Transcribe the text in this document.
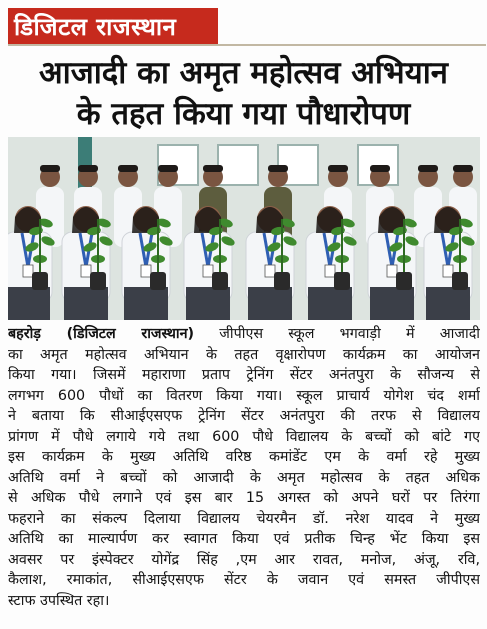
डिजिटल राजस्थान
आजादी का अमृत महोत्सव अभियान
के तहत किया गया पौधारोपण
बहरोड़ (डिजिटल राजस्थान) जीपीएस स्कूल भगवाड़ी में आजादी
का अमृत महोत्सव अभियान के तहत वृक्षारोपण कार्यक्रम का आयोजन
किया गया। जिसमें महाराणा प्रताप ट्रेनिंग सेंटर अनंतपुरा के सौजन्य से
लगभग 600 पौधों का वितरण किया गया। स्कूल प्राचार्य योगेश चंद शर्मा
ने बताया कि सीआईएसएफ ट्रेनिंग सेंटर अनंतपुरा की तरफ से विद्यालय
प्रांगण में पौधे लगाये गये तथा 600 पौधे विद्यालय के बच्चों को बांटे गए
इस कार्यक्रम के मुख्य अतिथि वरिष्ठ कमांडेंट एम के वर्मा रहे मुख्य
अतिथि वर्मा ने बच्चों को आजादी के अमृत महोत्सव के तहत अधिक
से अधिक पौधे लगाने एवं इस बार 15 अगस्त को अपने घरों पर तिरंगा
फहराने का संकल्प दिलाया विद्यालय चेयरमैन डॉ. नरेश यादव ने मुख्य
अतिथि का माल्यार्पण कर स्वागत किया एवं प्रतीक चिन्ह भेंट किया इस
अवसर पर इंस्पेक्टर योगेंद्र सिंह ,एम आर रावत, मनोज, अंजू, रवि,
कैलाश, रमाकांत, सीआईएसएफ सेंटर के जवान एवं समस्त जीपीएस
स्टाफ उपस्थित रहा।
